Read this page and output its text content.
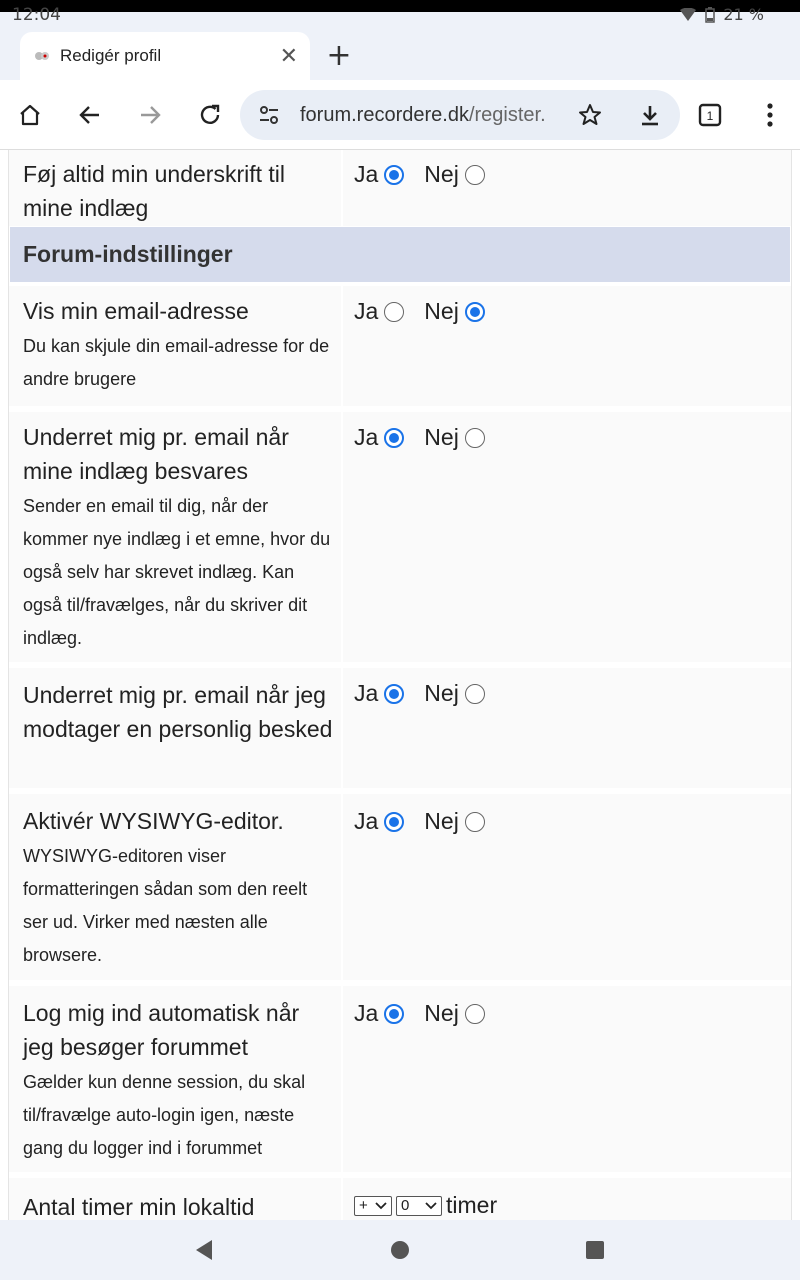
12:04	21 %
Redigér profil	✕ +
forum.recordere.dk/register.	1
Føj altid min underskrift til mine indlæg
Ja Nej
Forum-indstillinger
Vis min email-adresse
Du kan skjule din email-adresse for de andre brugere
Ja Nej
Underret mig pr. email når mine indlæg besvares
Sender en email til dig, når der kommer nye indlæg i et emne, hvor du også selv har skrevet indlæg. Kan også til/fravælges, når du skriver dit indlæg.
Ja Nej
Underret mig pr. email når jeg modtager en personlig besked
Ja Nej
Aktivér WYSIWYG-editor.
WYSIWYG-editoren viser formatteringen sådan som den reelt ser ud. Virker med næsten alle browsere.
Ja Nej
Log mig ind automatisk når jeg besøger forummet
Gælder kun denne session, du skal til/fravælge auto-login igen, næste gang du logger ind i forummet
Ja Nej
Antal timer min lokaltid	+ 0 timer
